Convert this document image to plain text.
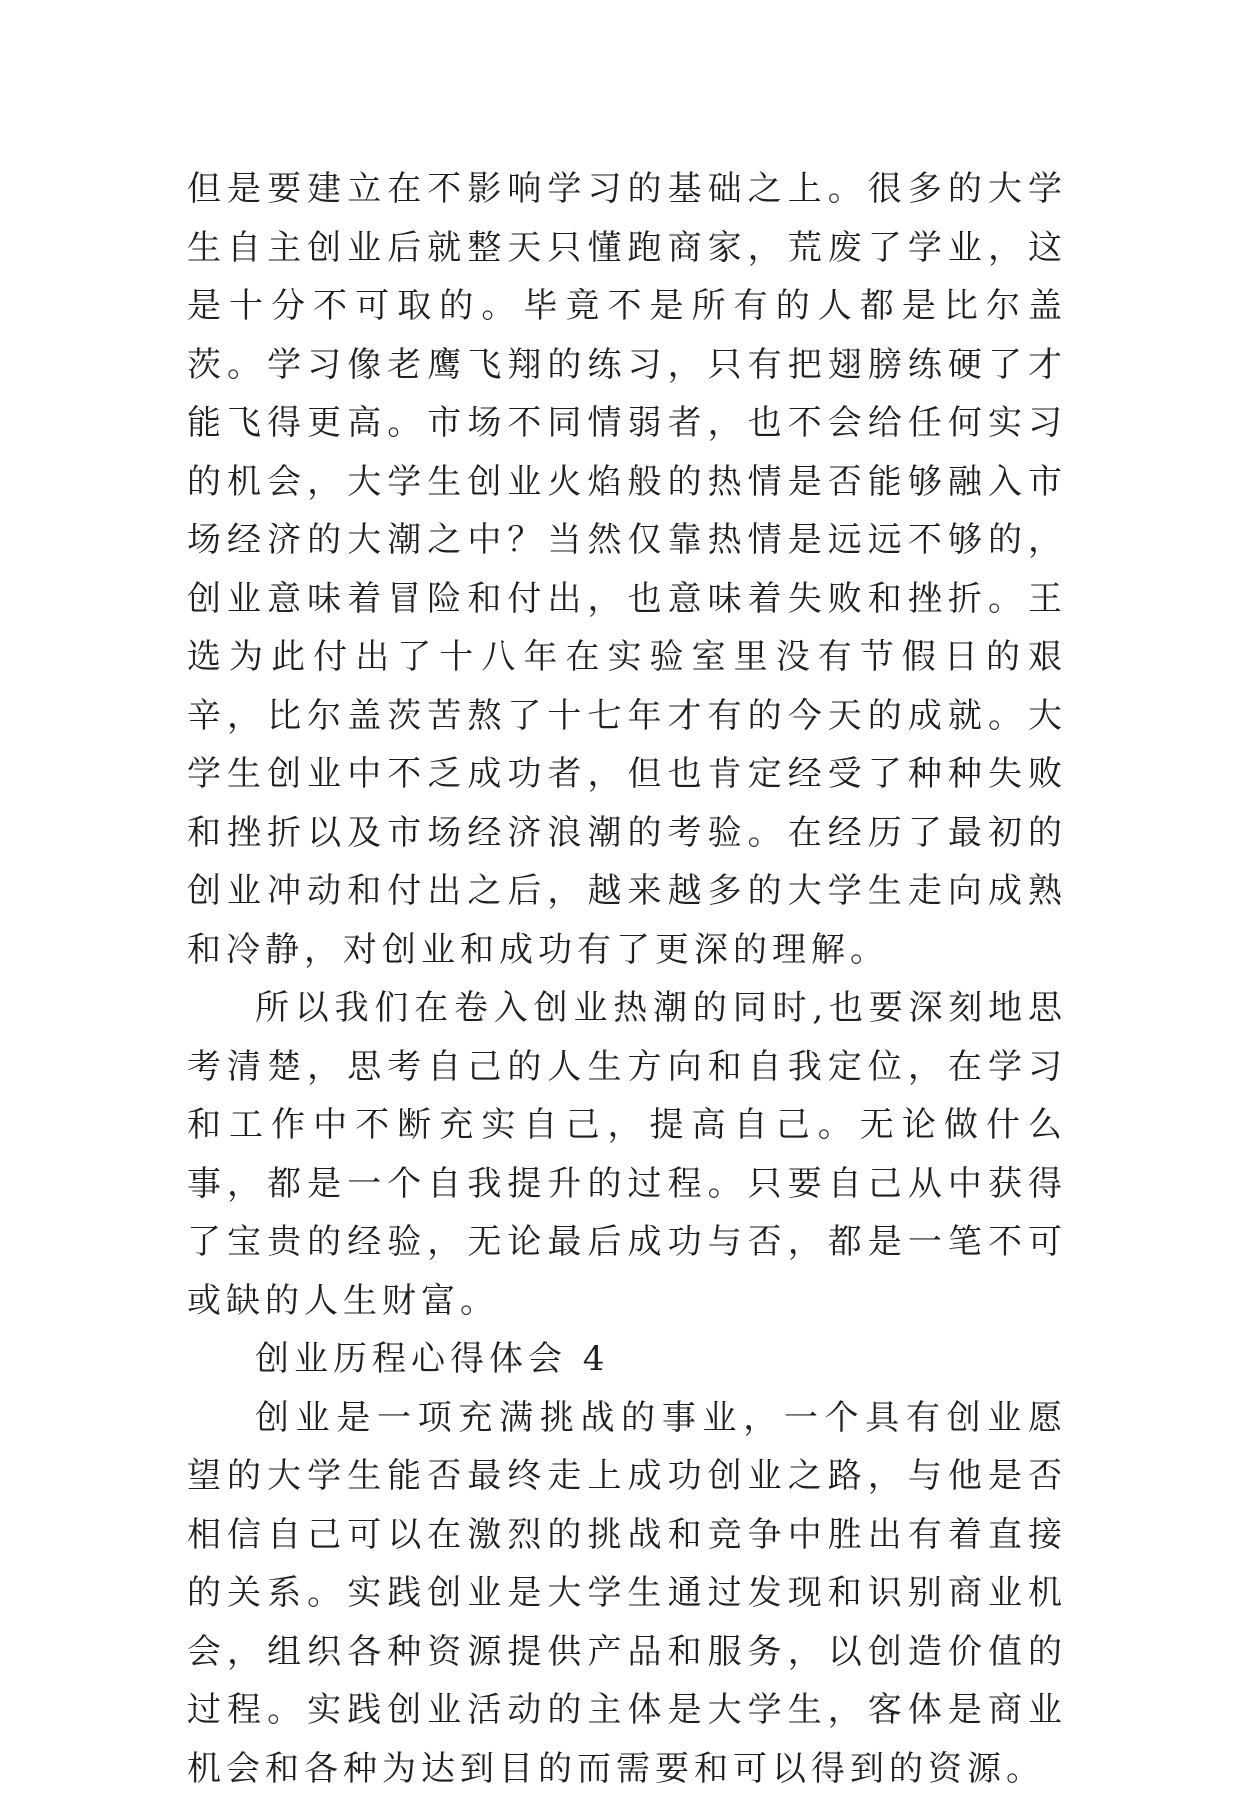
但是要建立在不影响学习的基础之上。很多的大学生自主创业后就整天只懂跑商家，荒废了学业，这是十分不可取的。毕竟不是所有的人都是比尔盖茨。学习像老鹰飞翔的练习，只有把翅膀练硬了才能飞得更高。市场不同情弱者，也不会给任何实习的机会，大学生创业火焰般的热情是否能够融入市场经济的大潮之中？当然仅靠热情是远远不够的，创业意味着冒险和付出，也意味着失败和挫折。王选为此付出了十八年在实验室里没有节假日的艰辛，比尔盖茨苦熬了十七年才有的今天的成就。大学生创业中不乏成功者，但也肯定经受了种种失败和挫折以及市场经济浪潮的考验。在经历了最初的创业冲动和付出之后，越来越多的大学生走向成熟和冷静，对创业和成功有了更深的理解。

所以我们在卷入创业热潮的同时,也要深刻地思考清楚，思考自己的人生方向和自我定位，在学习和工作中不断充实自己，提高自己。无论做什么事，都是一个自我提升的过程。只要自己从中获得了宝贵的经验，无论最后成功与否，都是一笔不可或缺的人生财富。

创业历程心得体会 4

创业是一项充满挑战的事业，一个具有创业愿望的大学生能否最终走上成功创业之路，与他是否相信自己可以在激烈的挑战和竞争中胜出有着直接的关系。实践创业是大学生通过发现和识别商业机会，组织各种资源提供产品和服务，以创造价值的过程。实践创业活动的主体是大学生，客体是商业机会和各种为达到目的而需要和可以得到的资源。
